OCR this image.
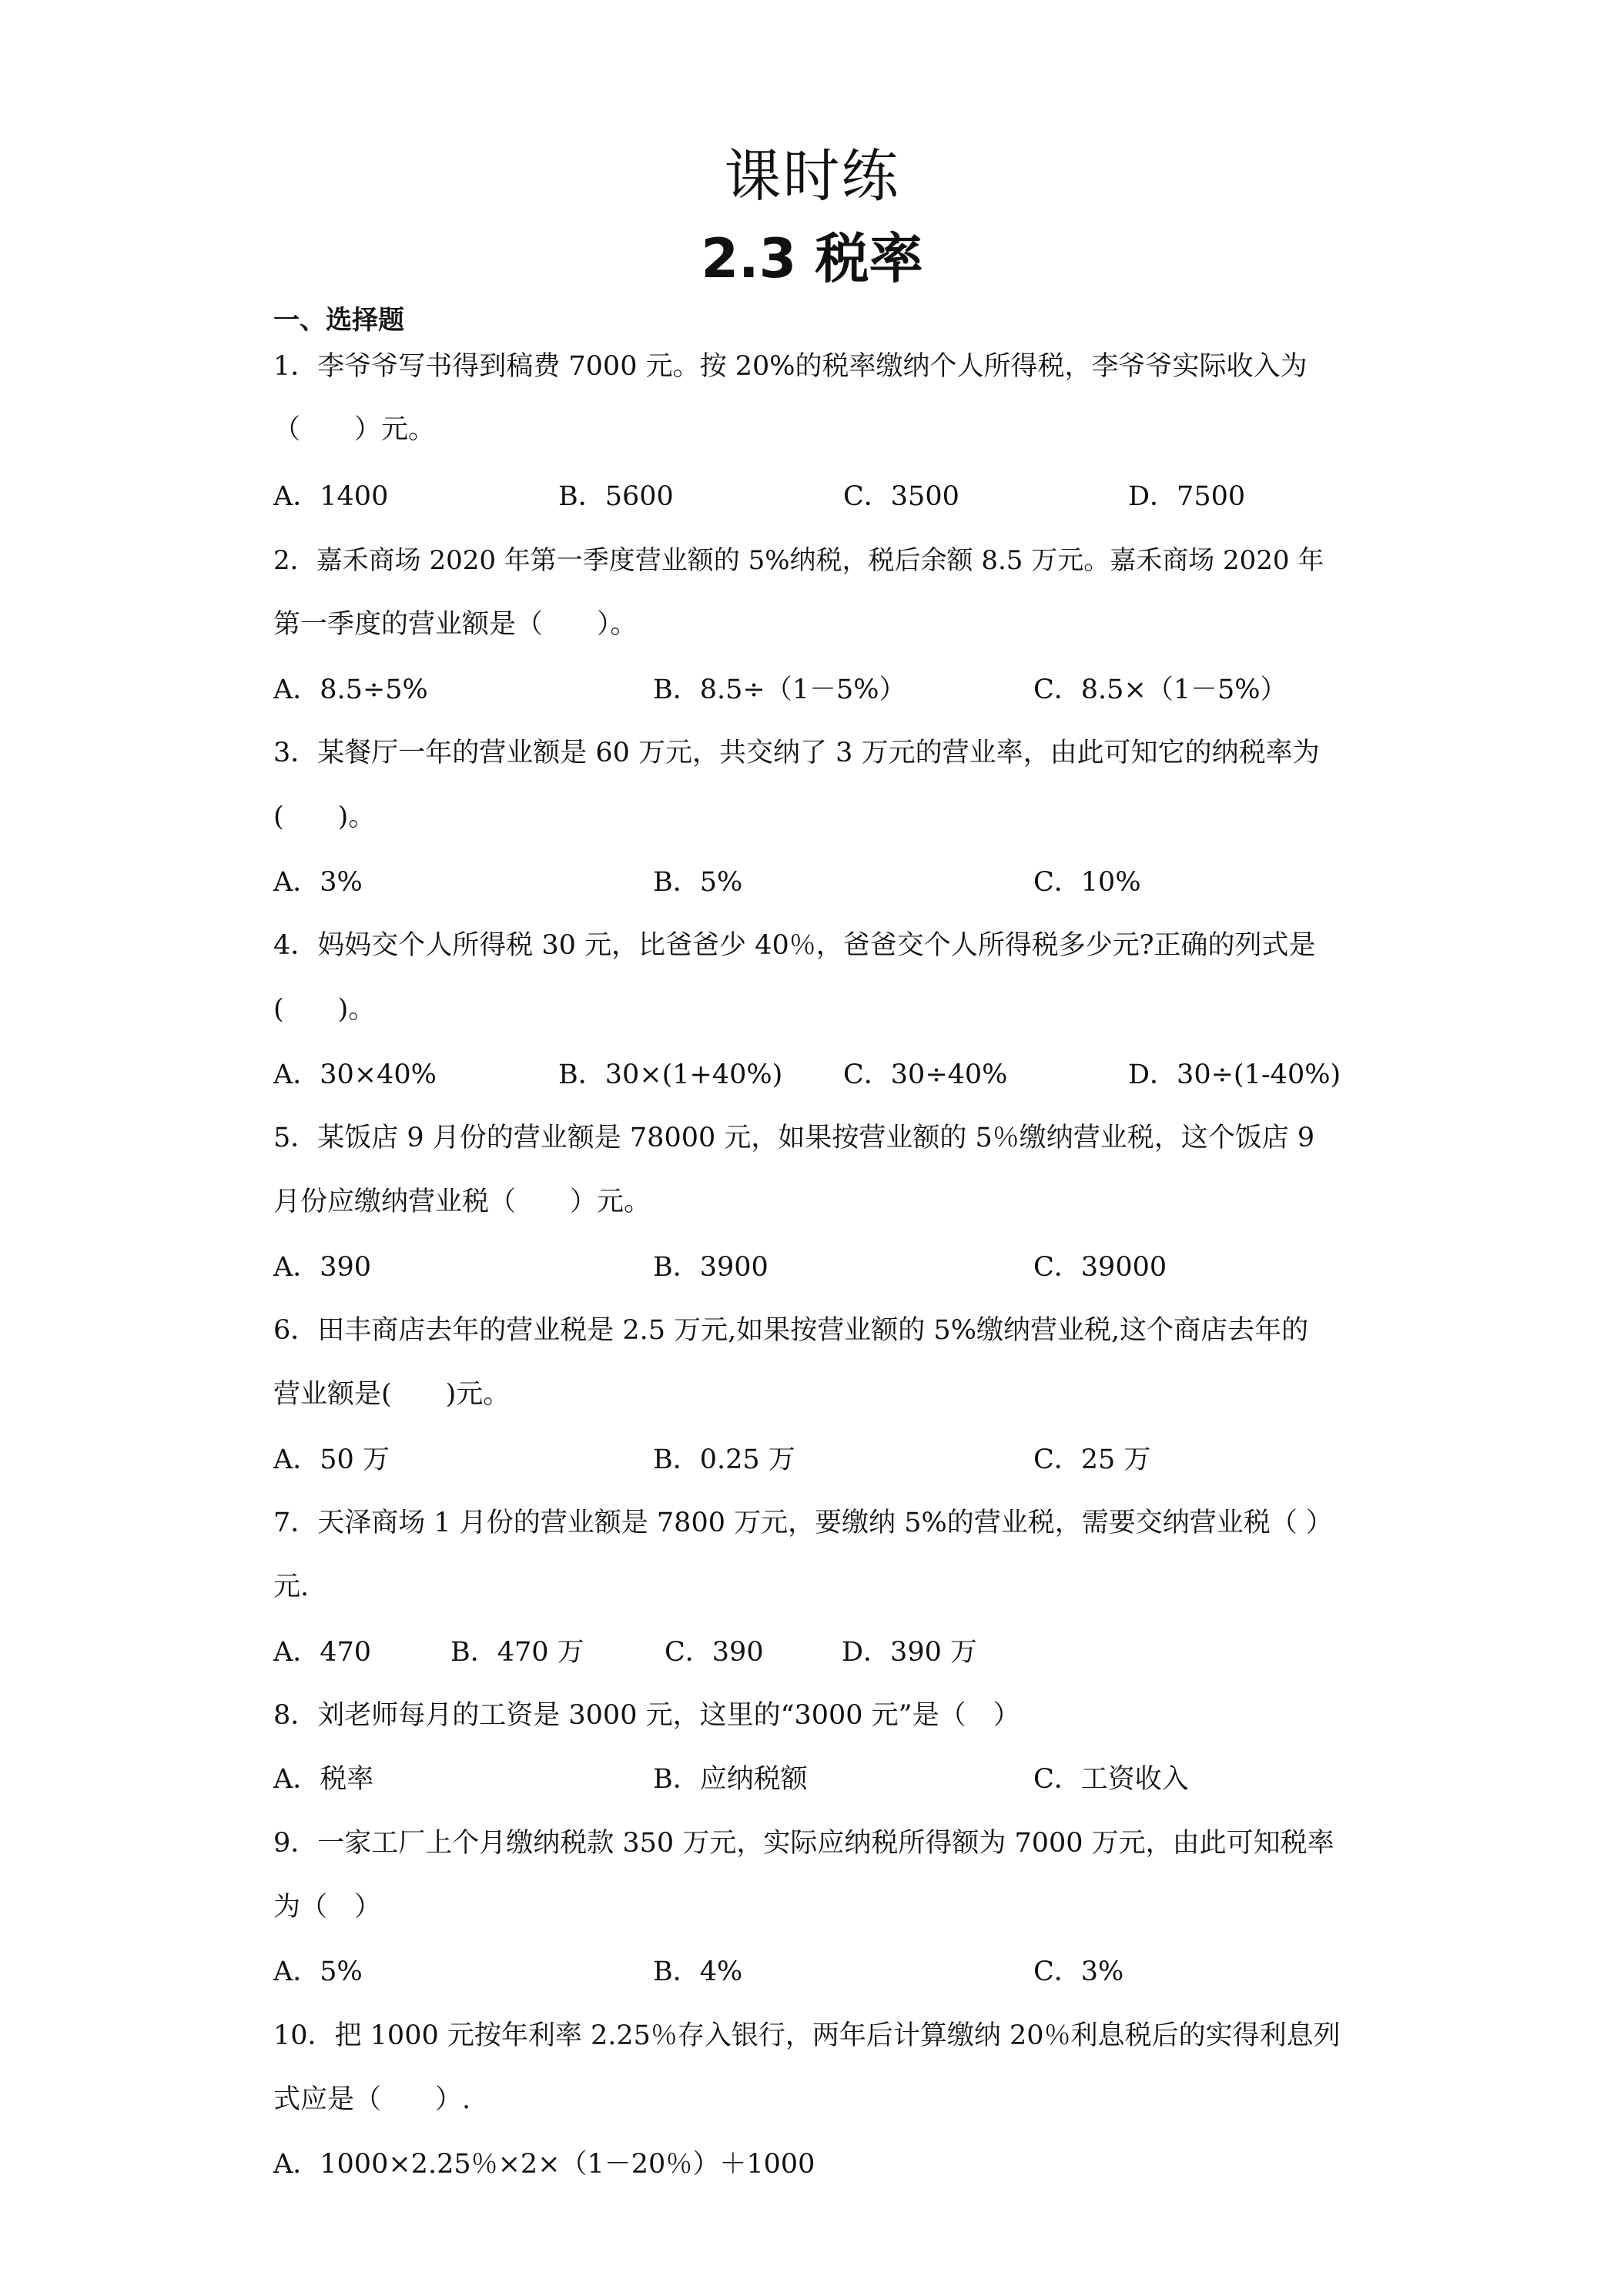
课时练
2.3 税率
一、选择题
1．李爷爷写书得到稿费 7000 元。按 20%的税率缴纳个人所得税，李爷爷实际收入为
（　　）元。
A．1400	B．5600	C．3500	D．7500
2．嘉禾商场 2020 年第一季度营业额的 5%纳税，税后余额 8.5 万元。嘉禾商场 2020 年
第一季度的营业额是（　　）。
A．8.5÷5%	B．8.5÷（1－5%）	C．8.5×（1－5%）
3．某餐厅一年的营业额是 60 万元，共交纳了 3 万元的营业率，由此可知它的纳税率为
(　　)。
A．3%	B．5%	C．10%
4．妈妈交个人所得税 30 元，比爸爸少 40％，爸爸交个人所得税多少元?正确的列式是
(　　)。
A．30×40%	B．30×(1+40%) C．30÷40%	D．30÷(1-40%)
5．某饭店 9 月份的营业额是 78000 元，如果按营业额的 5％缴纳营业税，这个饭店 9
月份应缴纳营业税（　　）元。
A．390	B．3900	C．39000
6．田丰商店去年的营业税是 2.5 万元,如果按营业额的 5%缴纳营业税,这个商店去年的
营业额是(　　)元。
A．50 万	B．0.25 万	C．25 万
7．天泽商场 1 月份的营业额是 7800 万元，要缴纳 5%的营业税，需要交纳营业税（ ）
元.
A．470	B．470 万	C．390	D．390 万
8．刘老师每月的工资是 3000 元，这里的“3000 元”是（　）
A．税率	B．应纳税额	C．工资收入
9．一家工厂上个月缴纳税款 350 万元，实际应纳税所得额为 7000 万元，由此可知税率
为（　）
A．5%	B．4%	C．3%
10．把 1000 元按年利率 2.25％存入银行，两年后计算缴纳 20％利息税后的实得利息列
式应是（　　）.
A．1000×2.25％×2×（1－20％）＋1000
